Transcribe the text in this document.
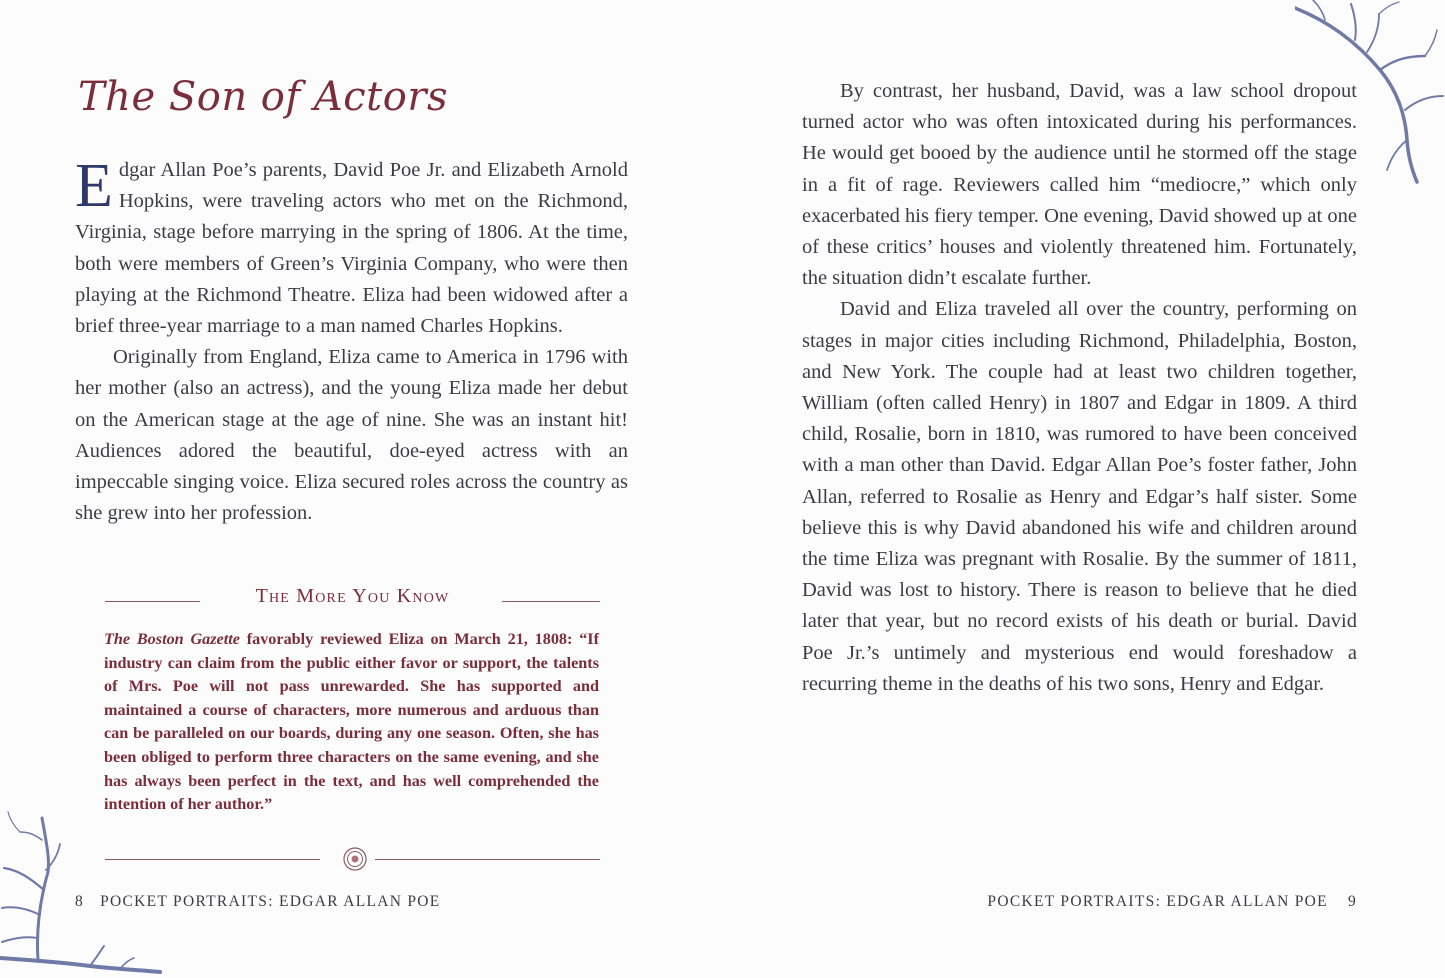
The Son of Actors

Edgar Allan Poe’s parents, David Poe Jr. and Elizabeth Arnold Hopkins, were traveling actors who met on the Richmond, Virginia, stage before marrying in the spring of 1806. At the time, both were members of Green’s Virginia Company, who were then playing at the Richmond Theatre. Eliza had been widowed after a brief three-year marriage to a man named Charles Hopkins.

Originally from England, Eliza came to America in 1796 with her mother (also an actress), and the young Eliza made her debut on the American stage at the age of nine. She was an instant hit! Audiences adored the beautiful, doe-eyed actress with an impeccable singing voice. Eliza secured roles across the country as she grew into her profession.

The More You Know

The Boston Gazette favorably reviewed Eliza on March 21, 1808: “If industry can claim from the public either favor or support, the talents of Mrs. Poe will not pass unrewarded. She has supported and maintained a course of characters, more numerous and arduous than can be paralleled on our boards, during any one season. Often, she has been obliged to perform three characters on the same evening, and she has always been perfect in the text, and has well comprehended the intention of her author.”

8 POCKET PORTRAITS: EDGAR ALLAN POE

By contrast, her husband, David, was a law school dropout turned actor who was often intoxicated during his performances. He would get booed by the audience until he stormed off the stage in a fit of rage. Reviewers called him “mediocre,” which only exacerbated his fiery temper. One evening, David showed up at one of these critics’ houses and violently threatened him. Fortunately, the situation didn’t escalate further.

David and Eliza traveled all over the country, performing on stages in major cities including Richmond, Philadelphia, Boston, and New York. The couple had at least two children together, William (often called Henry) in 1807 and Edgar in 1809. A third child, Rosalie, born in 1810, was rumored to have been conceived with a man other than David. Edgar Allan Poe’s foster father, John Allan, referred to Rosalie as Henry and Edgar’s half sister. Some believe this is why David abandoned his wife and children around the time Eliza was pregnant with Rosalie. By the summer of 1811, David was lost to history. There is reason to believe that he died later that year, but no record exists of his death or burial. David Poe Jr.’s untimely and mysterious end would foreshadow a recurring theme in the deaths of his two sons, Henry and Edgar.

POCKET PORTRAITS: EDGAR ALLAN POE 9
